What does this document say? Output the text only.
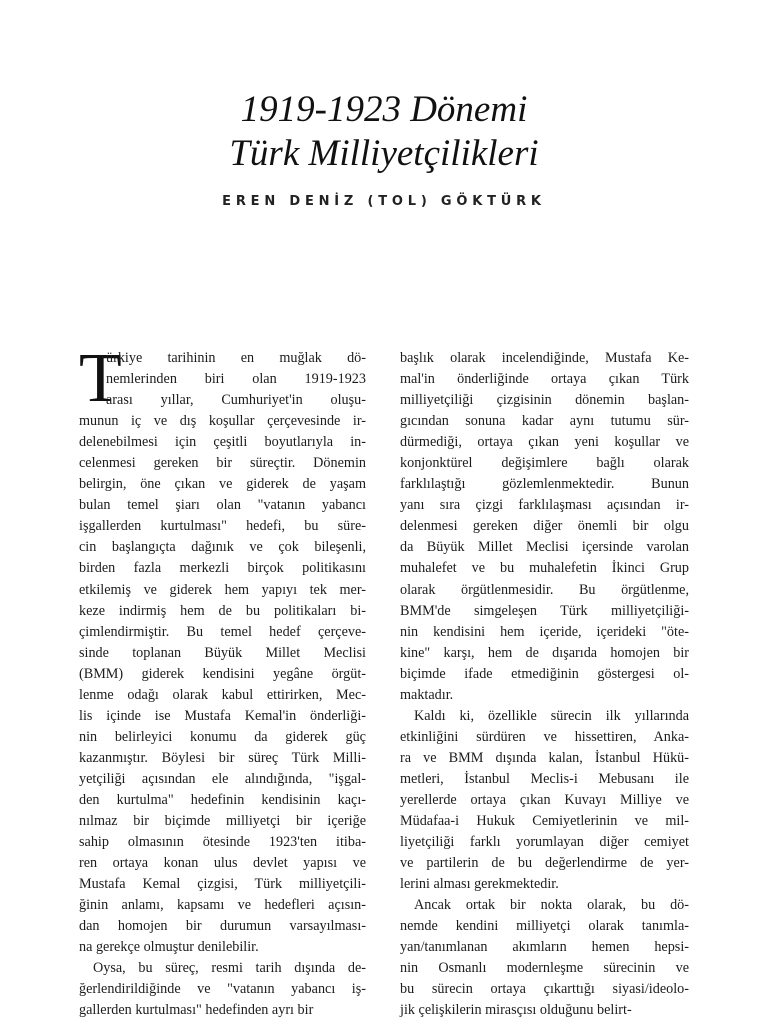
1919-1923 Dönemi
Türk Milliyetçilikleri
EREN DENİZ (TOL) GÖKTÜRK
T
ürkiye tarihinin en muğlak dö-
nemlerinden biri olan 1919-1923
arası yıllar, Cumhuriyet'in oluşu-
munun iç ve dış koşullar çerçevesinde ir-
delenebilmesi için çeşitli boyutlarıyla in-
celenmesi gereken bir süreçtir. Dönemin
belirgin, öne çıkan ve giderek de yaşam
bulan temel şiarı olan "vatanın yabancı
işgallerden kurtulması" hedefi, bu süre-
cin başlangıçta dağınık ve çok bileşenli,
birden fazla merkezli birçok politikasını
etkilemiş ve giderek hem yapıyı tek mer-
keze indirmiş hem de bu politikaları bi-
çimlendirmiştir. Bu temel hedef çerçeve-
sinde toplanan Büyük Millet Meclisi
(BMM) giderek kendisini yegâne örgüt-
lenme odağı olarak kabul ettirirken, Mec-
lis içinde ise Mustafa Kemal'in önderliği-
nin belirleyici konumu da giderek güç
kazanmıştır. Böylesi bir süreç Türk Milli-
yetçiliği açısından ele alındığında, "işgal-
den kurtulma" hedefinin kendisinin kaçı-
nılmaz bir biçimde milliyetçi bir içeriğe
sahip olmasının ötesinde 1923'ten itiba-
ren ortaya konan ulus devlet yapısı ve
Mustafa Kemal çizgisi, Türk milliyetçili-
ğinin anlamı, kapsamı ve hedefleri açısın-
dan homojen bir durumun varsayılması-
na gerekçe olmuştur denilebilir.
Oysa, bu süreç, resmi tarih dışında de-
ğerlendirildiğinde ve "vatanın yabancı iş-
gallerden kurtulması" hedefinden ayrı bir
başlık olarak incelendiğinde, Mustafa Ke-
mal'in önderliğinde ortaya çıkan Türk
milliyetçiliği çizgisinin dönemin başlan-
gıcından sonuna kadar aynı tutumu sür-
dürmediği, ortaya çıkan yeni koşullar ve
konjonktürel değişimlere bağlı olarak
farklılaştığı gözlemlenmektedir. Bunun
yanı sıra çizgi farklılaşması açısından ir-
delenmesi gereken diğer önemli bir olgu
da Büyük Millet Meclisi içersinde varolan
muhalefet ve bu muhalefetin İkinci Grup
olarak örgütlenmesidir. Bu örgütlenme,
BMM'de simgeleşen Türk milliyetçiliği-
nin kendisini hem içeride, içerideki "öte-
kine" karşı, hem de dışarıda homojen bir
biçimde ifade etmediğinin göstergesi ol-
maktadır.
Kaldı ki, özellikle sürecin ilk yıllarında
etkinliğini sürdüren ve hissettiren, Anka-
ra ve BMM dışında kalan, İstanbul Hükü-
metleri, İstanbul Meclis-i Mebusanı ile
yerellerde ortaya çıkan Kuvayı Milliye ve
Müdafaa-i Hukuk Cemiyetlerinin ve mil-
liyetçiliği farklı yorumlayan diğer cemiyet
ve partilerin de bu değerlendirme de yer-
lerini alması gerekmektedir.
Ancak ortak bir nokta olarak, bu dö-
nemde kendini milliyetçi olarak tanımla-
yan/tanımlanan akımların hemen hepsi-
nin Osmanlı modernleşme sürecinin ve
bu sürecin ortaya çıkarttığı siyasi/ideolo-
jik çelişkilerin mirasçısı olduğunu belirt-
